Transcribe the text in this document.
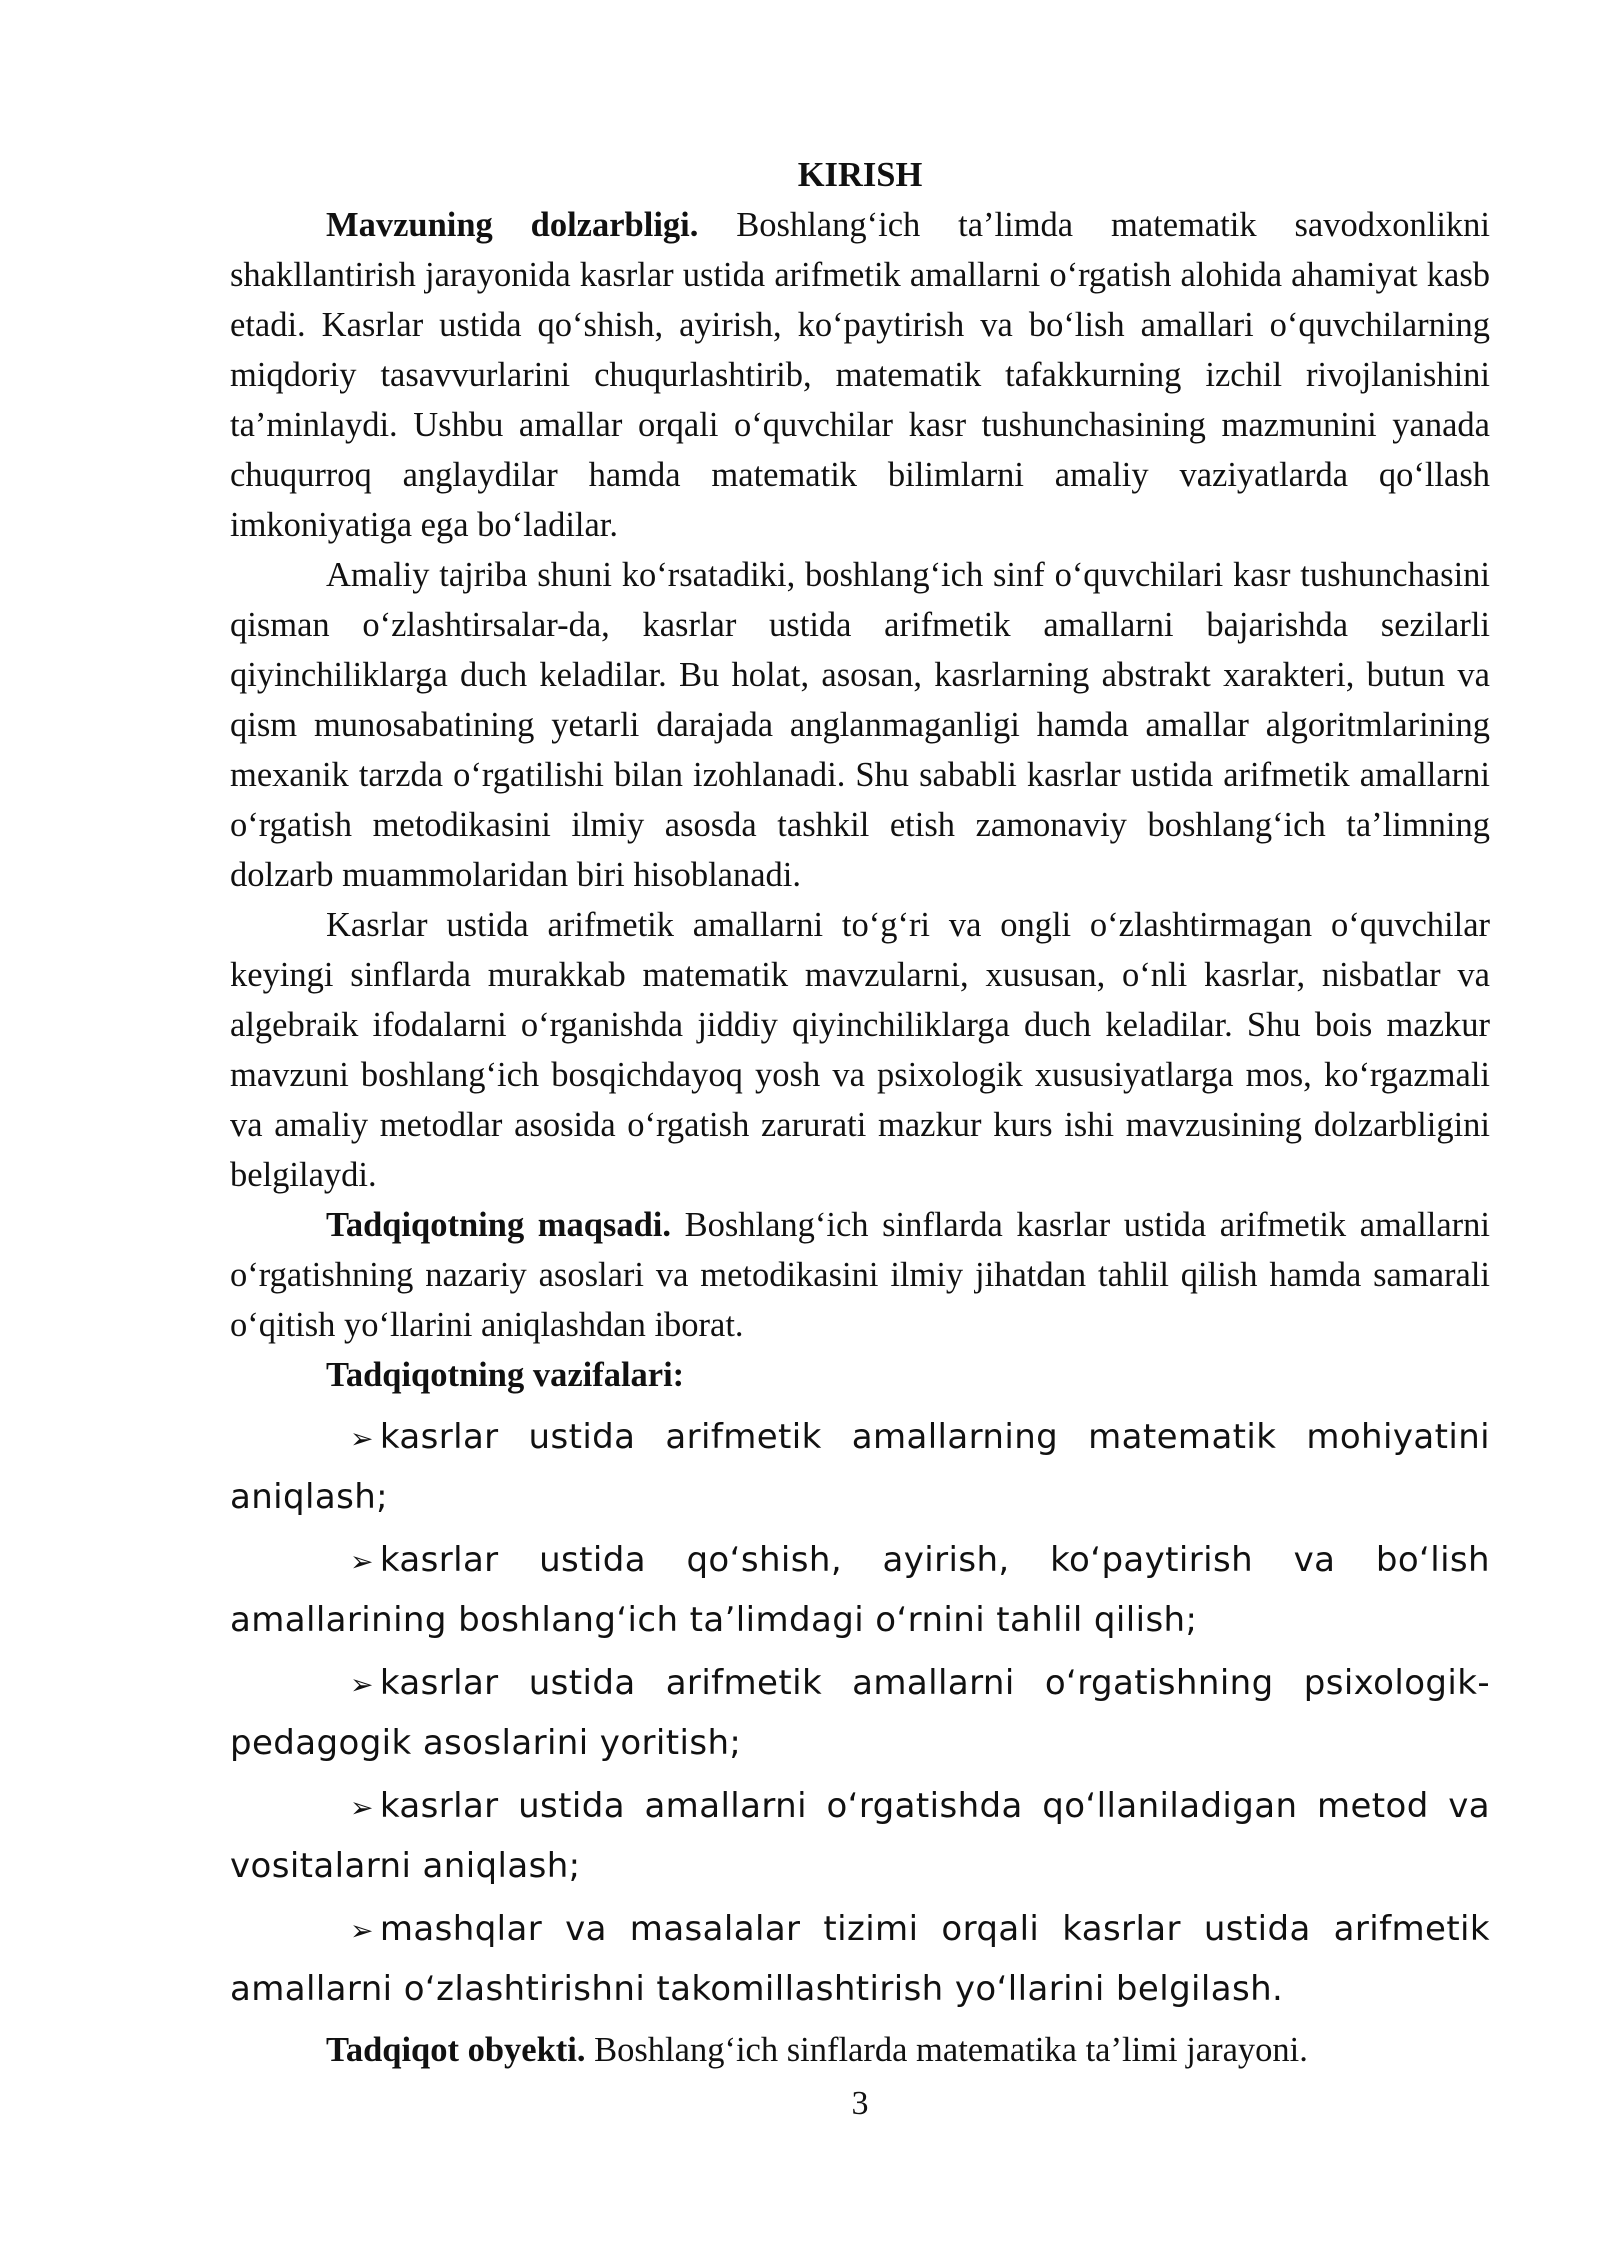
KIRISH

Mavzuning dolzarbligi. Boshlang‘ich ta’limda matematik savodxonlikni shakllantirish jarayonida kasrlar ustida arifmetik amallarni o‘rgatish alohida ahamiyat kasb etadi. Kasrlar ustida qo‘shish, ayirish, ko‘paytirish va bo‘lish amallari o‘quvchilarning miqdoriy tasavvurlarini chuqurlashtirib, matematik tafakkurning izchil rivojlanishini ta’minlaydi. Ushbu amallar orqali o‘quvchilar kasr tushunchasining mazmunini yanada chuqurroq anglaydilar hamda matematik bilimlarni amaliy vaziyatlarda qo‘llash imkoniyatiga ega bo‘ladilar.

Amaliy tajriba shuni ko‘rsatadiki, boshlang‘ich sinf o‘quvchilari kasr tushunchasini qisman o‘zlashtirsalar-da, kasrlar ustida arifmetik amallarni bajarishda sezilarli qiyinchiliklarga duch keladilar. Bu holat, asosan, kasrlarning abstrakt xarakteri, butun va qism munosabatining yetarli darajada anglanmaganligi hamda amallar algoritmlarining mexanik tarzda o‘rgatilishi bilan izohlanadi. Shu sababli kasrlar ustida arifmetik amallarni o‘rgatish metodikasini ilmiy asosda tashkil etish zamonaviy boshlang‘ich ta’limning dolzarb muammolaridan biri hisoblanadi.

Kasrlar ustida arifmetik amallarni to‘g‘ri va ongli o‘zlashtirmagan o‘quvchilar keyingi sinflarda murakkab matematik mavzularni, xususan, o‘nli kasrlar, nisbatlar va algebraik ifodalarni o‘rganishda jiddiy qiyinchiliklarga duch keladilar. Shu bois mazkur mavzuni boshlang‘ich bosqichdayoq yosh va psixologik xususiyatlarga mos, ko‘rgazmali va amaliy metodlar asosida o‘rgatish zarurati mazkur kurs ishi mavzusining dolzarbligini belgilaydi.

Tadqiqotning maqsadi. Boshlang‘ich sinflarda kasrlar ustida arifmetik amallarni o‘rgatishning nazariy asoslari va metodikasini ilmiy jihatdan tahlil qilish hamda samarali o‘qitish yo‘llarini aniqlashdan iborat.

Tadqiqotning vazifalari:

➢ kasrlar ustida arifmetik amallarning matematik mohiyatini aniqlash;

➢ kasrlar ustida qo‘shish, ayirish, ko‘paytirish va bo‘lish amallarining boshlang‘ich ta’limdagi o‘rnini tahlil qilish;

➢ kasrlar ustida arifmetik amallarni o‘rgatishning psixologik-pedagogik asoslarini yoritish;

➢ kasrlar ustida amallarni o‘rgatishda qo‘llaniladigan metod va vositalarni aniqlash;

➢ mashqlar va masalalar tizimi orqali kasrlar ustida arifmetik amallarni o‘zlashtirishni takomillashtirish yo‘llarini belgilash.

Tadqiqot obyekti. Boshlang‘ich sinflarda matematika ta’limi jarayoni.

3
